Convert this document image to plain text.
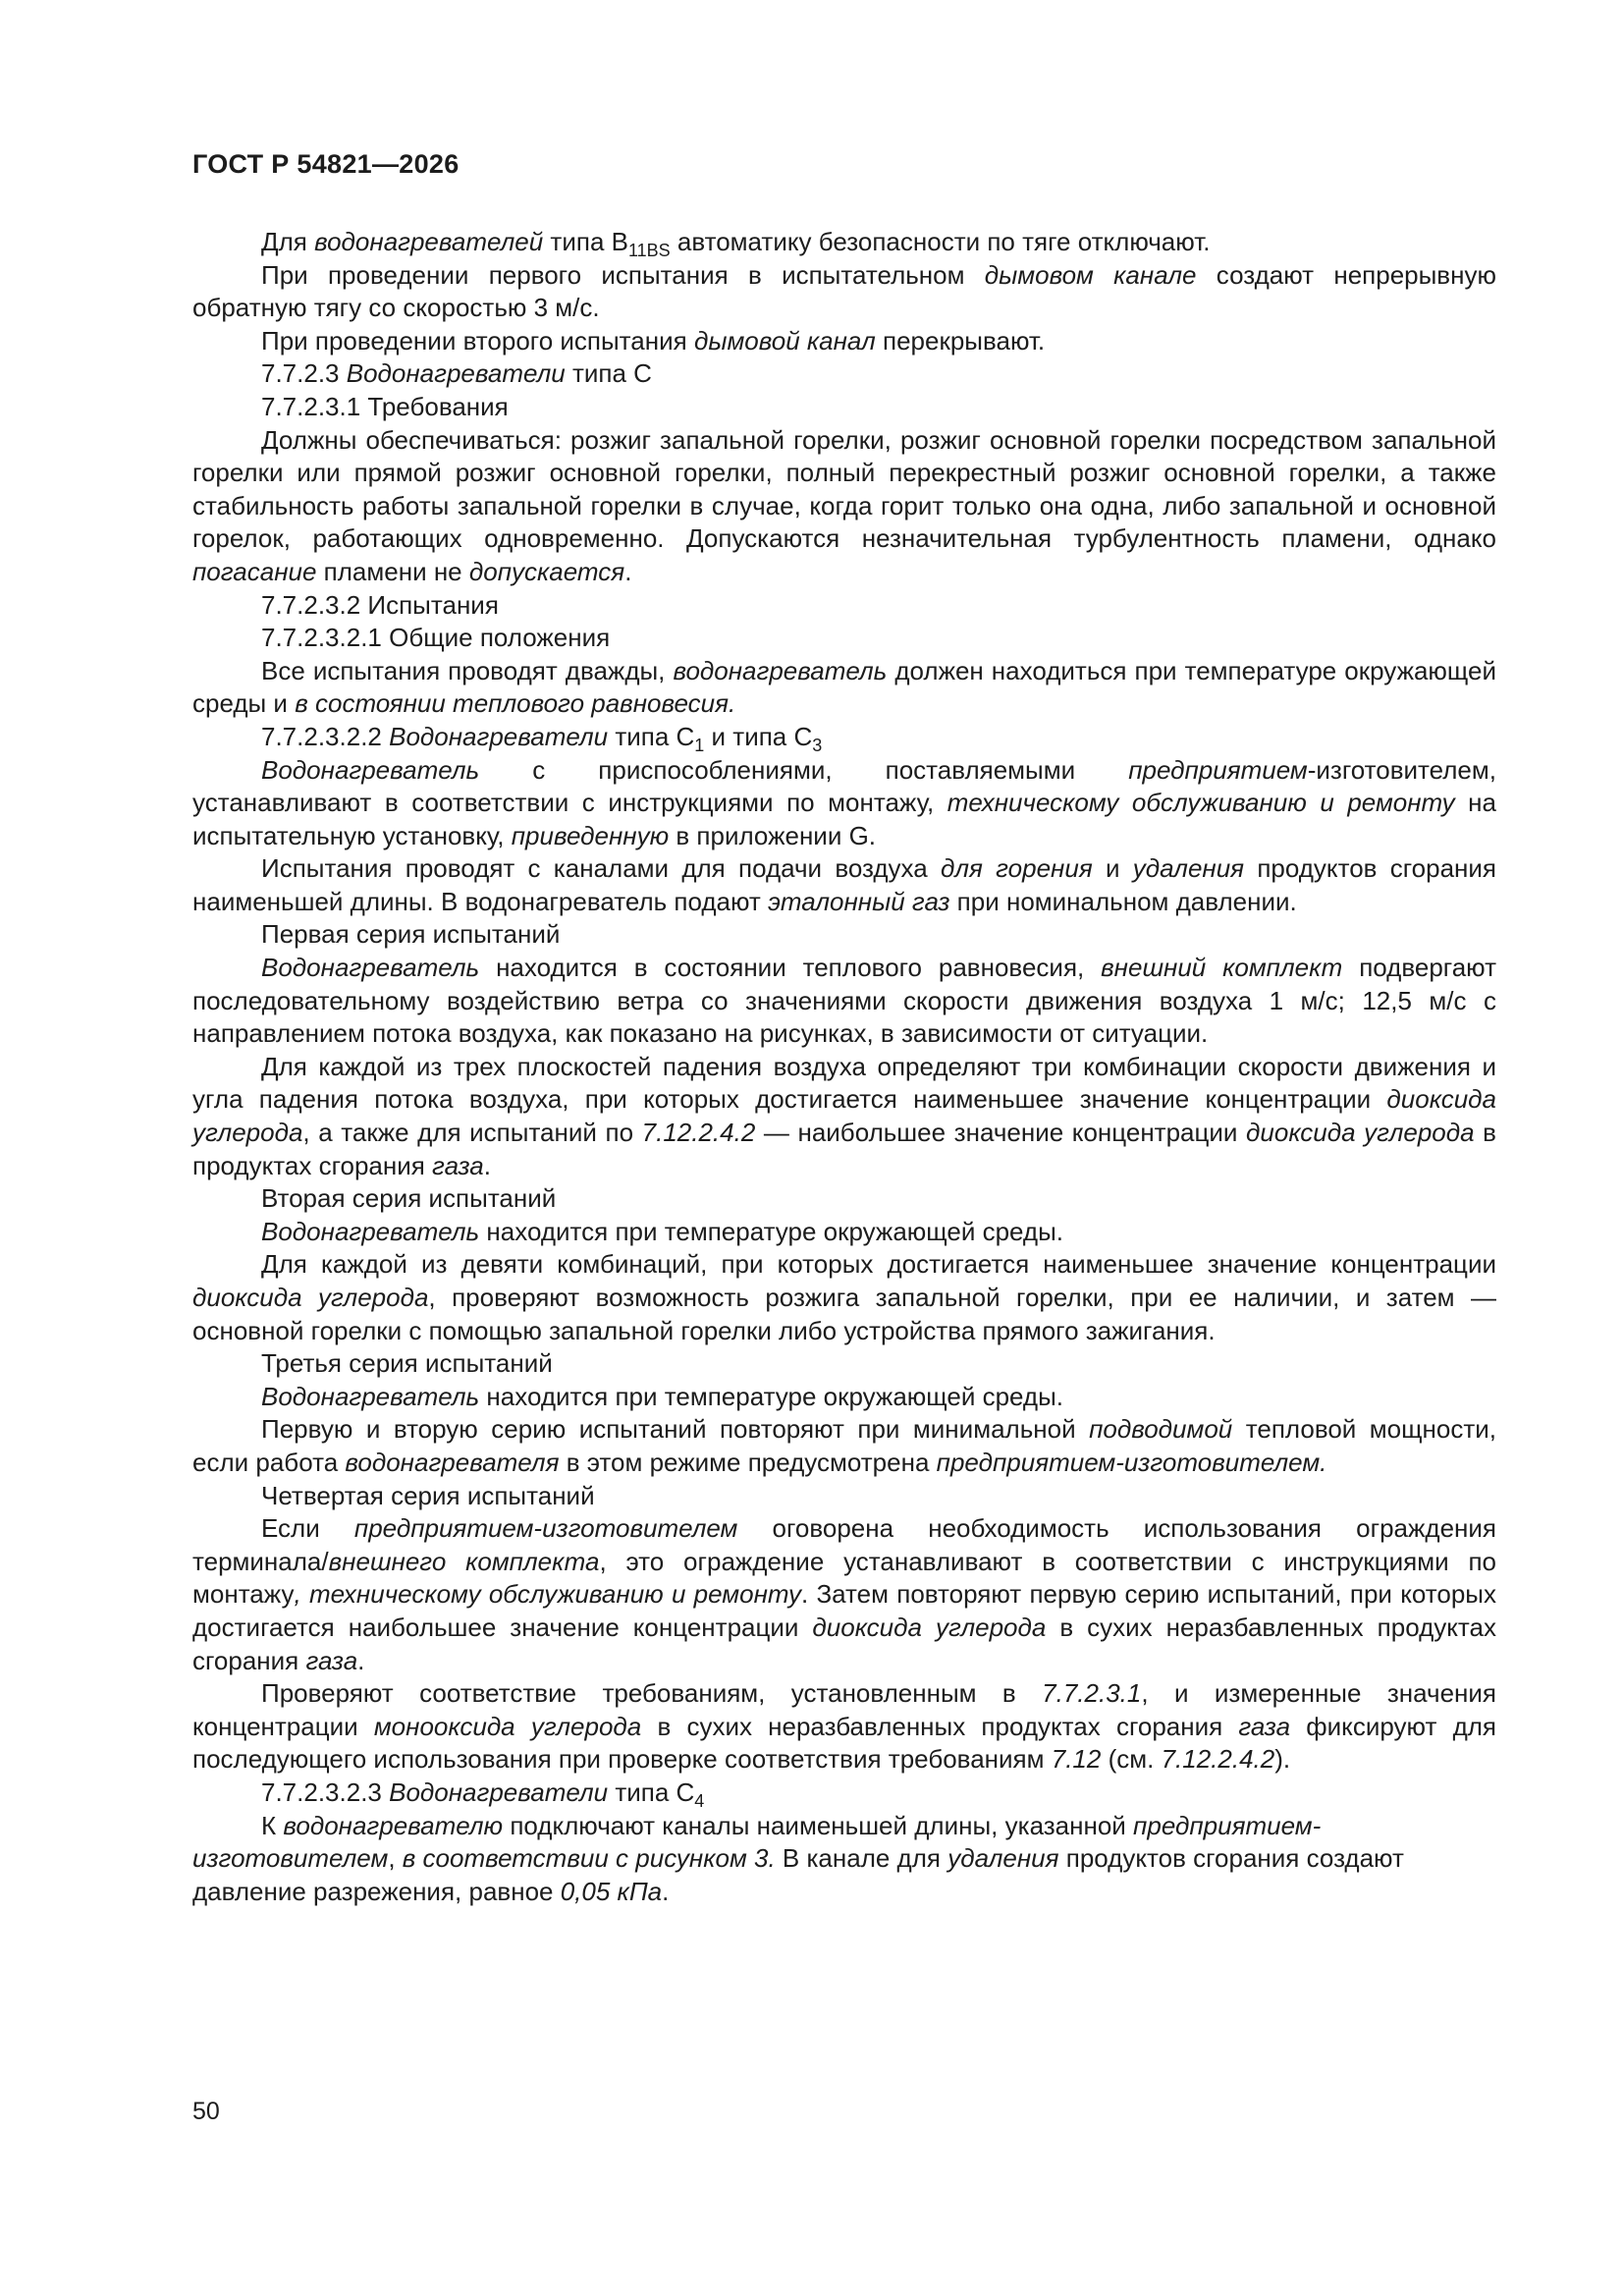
ГОСТ Р 54821—2026

Для водонагревателей типа $B_{11BS}$ автоматику безопасности по тяге отключают.

При проведении первого испытания в испытательном дымовом канале создают непрерывную обратную тягу со скоростью 3 м/с.

При проведении второго испытания дымовой канал перекрывают.

7.7.2.3 Водонагреватели типа С

7.7.2.3.1 Требования

Должны обеспечиваться: розжиг запальной горелки, розжиг основной горелки посредством запальной горелки или прямой розжиг основной горелки, полный перекрестный розжиг основной горелки, а также стабильность работы запальной горелки в случае, когда горит только она одна, либо запальной и основной горелок, работающих одновременно. Допускаются незначительная турбулентность пламени, однако погасание пламени не допускается.

7.7.2.3.2 Испытания

7.7.2.3.2.1 Общие положения

Все испытания проводят дважды, водонагреватель должен находиться при температуре окружающей среды и в состоянии теплового равновесия.

7.7.2.3.2.2 Водонагреватели типа $С_1$ и типа $С_3$

Водонагреватель с приспособлениями, поставляемыми предприятием-изготовителем, устанавливают в соответствии с инструкциями по монтажу, техническому обслуживанию и ремонту на испытательную установку, приведенную в приложении G.

Испытания проводят с каналами для подачи воздуха для горения и удаления продуктов сгорания наименьшей длины. В водонагреватель подают эталонный газ при номинальном давлении.

Первая серия испытаний

Водонагреватель находится в состоянии теплового равновесия, внешний комплект подвергают последовательному воздействию ветра со значениями скорости движения воздуха 1 м/с; 12,5 м/с с направлением потока воздуха, как показано на рисунках, в зависимости от ситуации.

Для каждой из трех плоскостей падения воздуха определяют три комбинации скорости движения и угла падения потока воздуха, при которых достигается наименьшее значение концентрации диоксида углерода, а также для испытаний по 7.12.2.4.2 — наибольшее значение концентрации диоксида углерода в продуктах сгорания газа.

Вторая серия испытаний

Водонагреватель находится при температуре окружающей среды.

Для каждой из девяти комбинаций, при которых достигается наименьшее значение концентрации диоксида углерода, проверяют возможность розжига запальной горелки, при ее наличии, и затем — основной горелки с помощью запальной горелки либо устройства прямого зажигания.

Третья серия испытаний

Водонагреватель находится при температуре окружающей среды.

Первую и вторую серию испытаний повторяют при минимальной подводимой тепловой мощности, если работа водонагревателя в этом режиме предусмотрена предприятием-изготовителем.

Четвертая серия испытаний

Если предприятием-изготовителем оговорена необходимость использования ограждения терминала/внешнего комплекта, это ограждение устанавливают в соответствии с инструкциями по монтажу, техническому обслуживанию и ремонту. Затем повторяют первую серию испытаний, при которых достигается наибольшее значение концентрации диоксида углерода в сухих неразбавленных продуктах сгорания газа.

Проверяют соответствие требованиям, установленным в 7.7.2.3.1, и измеренные значения концентрации монооксида углерода в сухих неразбавленных продуктах сгорания газа фиксируют для последующего использования при проверке соответствия требованиям 7.12 (см. 7.12.2.4.2).

7.7.2.3.2.3 Водонагреватели типа $С_4$

К водонагревателю подключают каналы наименьшей длины, указанной предприятием-изготовителем, в соответствии с рисунком 3. В канале для удаления продуктов сгорания создают давление разрежения, равное 0,05 кПа.

50
